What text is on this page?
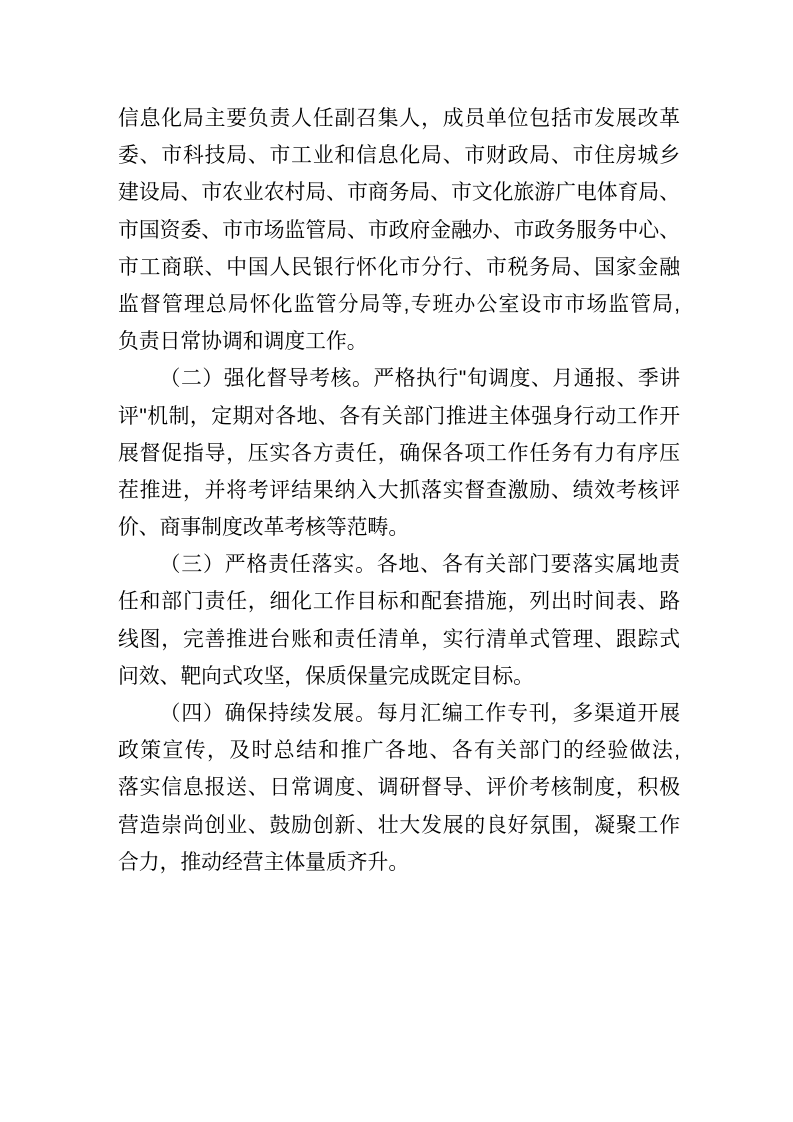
信息化局主要负责人任副召集人，成员单位包括市发展改革
委、市科技局、市工业和信息化局、市财政局、市住房城乡
建设局、市农业农村局、市商务局、市文化旅游广电体育局、
市国资委、市市场监管局、市政府金融办、市政务服务中心、
市工商联、中国人民银行怀化市分行、市税务局、国家金融
监督管理总局怀化监管分局等,专班办公室设市市场监管局,
负责日常协调和调度工作。
（二）强化督导考核。严格执行"旬调度、月通报、季讲
评"机制，定期对各地、各有关部门推进主体强身行动工作开
展督促指导，压实各方责任，确保各项工作任务有力有序压
茬推进，并将考评结果纳入大抓落实督查激励、绩效考核评
价、商事制度改革考核等范畴。
（三）严格责任落实。各地、各有关部门要落实属地责
任和部门责任，细化工作目标和配套措施，列出时间表、路
线图，完善推进台账和责任清单，实行清单式管理、跟踪式
问效、靶向式攻坚，保质保量完成既定目标。
（四）确保持续发展。每月汇编工作专刊，多渠道开展
政策宣传，及时总结和推广各地、各有关部门的经验做法,
落实信息报送、日常调度、调研督导、评价考核制度，积极
营造崇尚创业、鼓励创新、壮大发展的良好氛围，凝聚工作
合力，推动经营主体量质齐升。
